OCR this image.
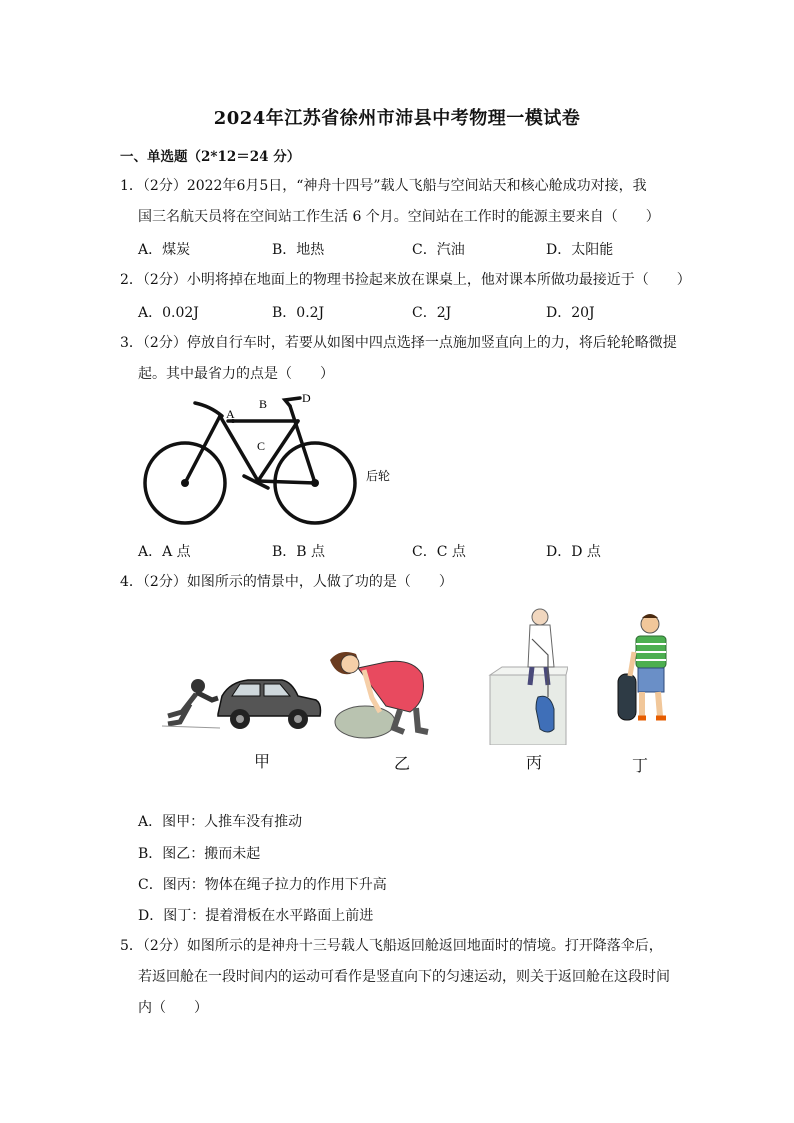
2024年江苏省徐州市沛县中考物理一模试卷
一、单选题（2*12＝24 分）
1．（2分）2022年6月5日，“神舟十四号”载人飞船与空间站天和核心舱成功对接，我
国三名航天员将在空间站工作生活 6 个月。空间站在工作时的能源主要来自（　　）
A．煤炭	B．地热	C．汽油	D．太阳能
2．（2分）小明将掉在地面上的物理书捡起来放在课桌上，他对课本所做功最接近于（　　）
A．0.02J	B．0.2J	C．2J	D．20J
3．（2分）停放自行车时，若要从如图中四点选择一点施加竖直向上的力，将后轮轮略微提
起。其中最省力的点是（　　）
A
B
C
D
后轮
A．A 点	B．B 点	C．C 点	D．D 点
4．（2分）如图所示的情景中，人做了功的是（　　）
甲	乙	丙	丁
A．图甲：人推车没有推动
B．图乙：搬而未起
C．图丙：物体在绳子拉力的作用下升高
D．图丁：提着滑板在水平路面上前进
5．（2分）如图所示的是神舟十三号载人飞船返回舱返回地面时的情境。打开降落伞后，
若返回舱在一段时间内的运动可看作是竖直向下的匀速运动，则关于返回舱在这段时间
内（　　）
